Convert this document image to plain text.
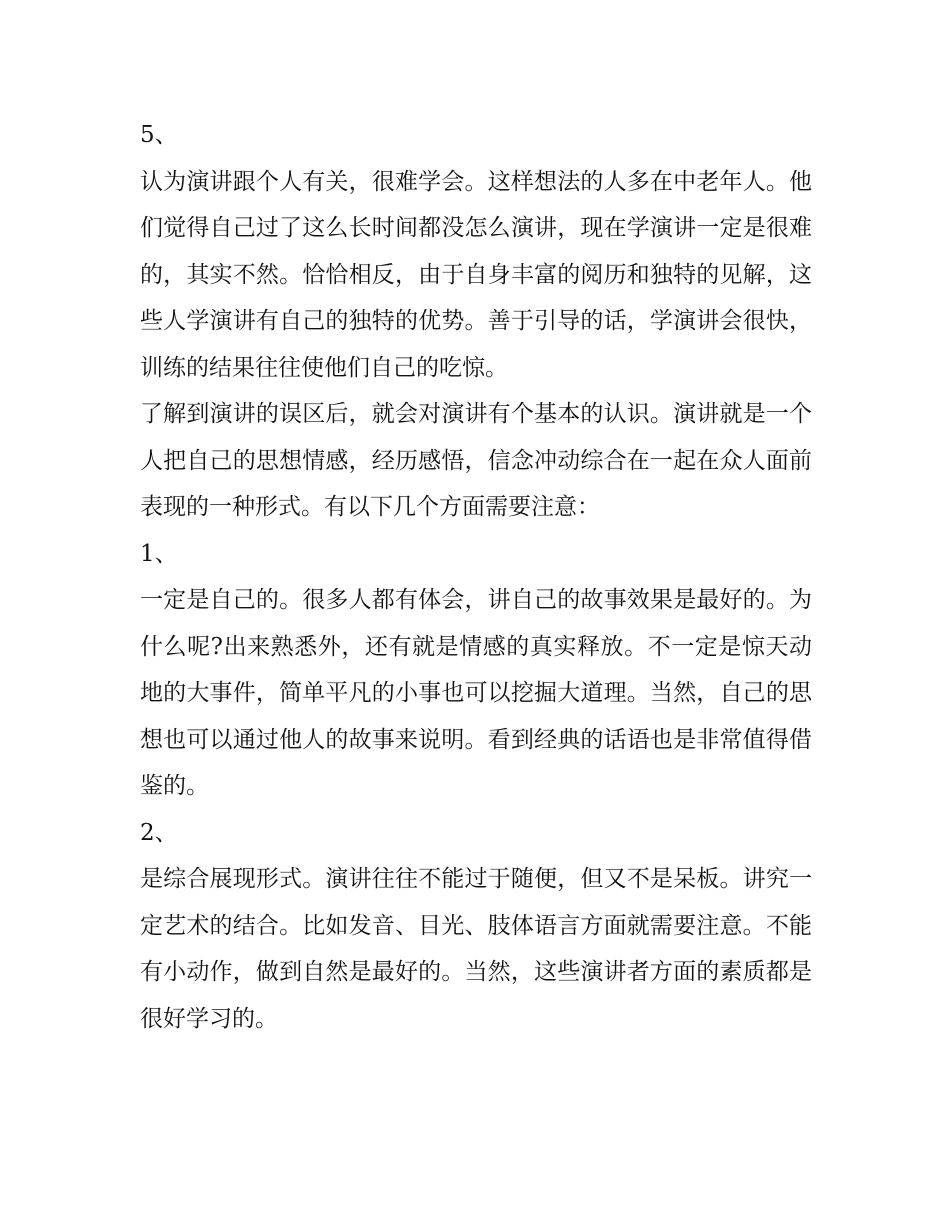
5、

认为演讲跟个人有关，很难学会。这样想法的人多在中老年人。他们觉得自己过了这么长时间都没怎么演讲，现在学演讲一定是很难的，其实不然。恰恰相反，由于自身丰富的阅历和独特的见解，这些人学演讲有自己的独特的优势。善于引导的话，学演讲会很快，训练的结果往往使他们自己的吃惊。

了解到演讲的误区后，就会对演讲有个基本的认识。演讲就是一个人把自己的思想情感，经历感悟，信念冲动综合在一起在众人面前表现的一种形式。有以下几个方面需要注意：

1、

一定是自己的。很多人都有体会，讲自己的故事效果是最好的。为什么呢?出来熟悉外，还有就是情感的真实释放。不一定是惊天动地的大事件，简单平凡的小事也可以挖掘大道理。当然，自己的思想也可以通过他人的故事来说明。看到经典的话语也是非常值得借鉴的。

2、

是综合展现形式。演讲往往不能过于随便，但又不是呆板。讲究一定艺术的结合。比如发音、目光、肢体语言方面就需要注意。不能有小动作，做到自然是最好的。当然，这些演讲者方面的素质都是很好学习的。
